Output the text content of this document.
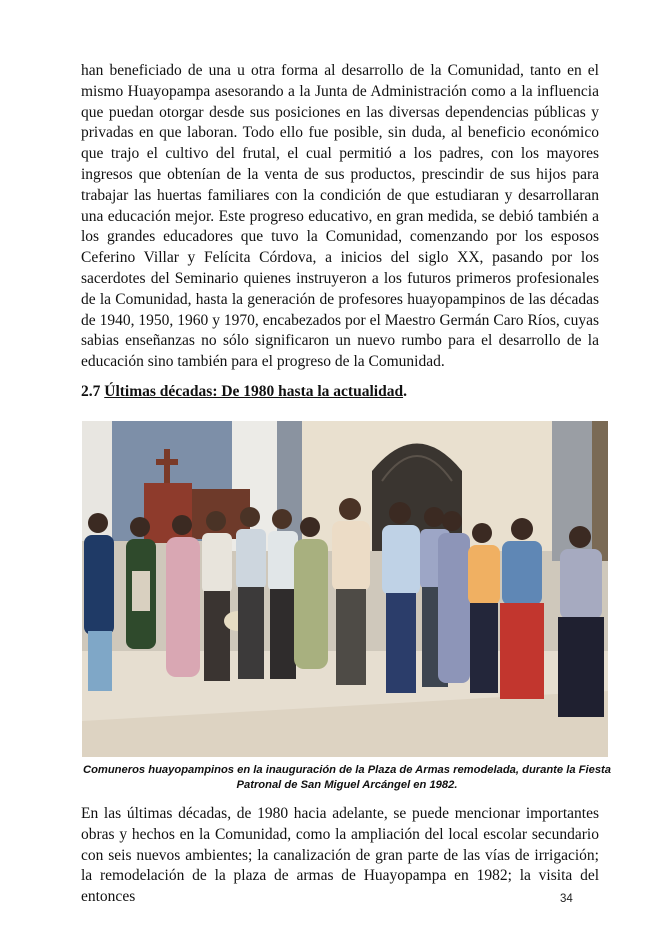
han beneficiado de una u otra forma al desarrollo de la Comunidad, tanto en el mismo Huayopampa asesorando a la Junta de Administración como a la influencia que puedan otorgar desde sus posiciones en las diversas dependencias públicas y privadas en que laboran. Todo ello fue posible, sin duda, al beneficio económico que trajo el cultivo del frutal, el cual permitió a los padres, con los mayores ingresos que obtenían de la venta de sus productos, prescindir de sus hijos para trabajar las huertas familiares con la condición de que estudiaran y desarrollaran una educación mejor. Este progreso educativo, en gran medida, se debió también a los grandes educadores que tuvo la Comunidad, comenzando por los esposos Ceferino Villar y Felícita Córdova, a inicios del siglo XX, pasando por los sacerdotes del Seminario quienes instruyeron a los futuros primeros profesionales de la Comunidad, hasta la generación de profesores huayopampinos de las décadas de 1940, 1950, 1960 y 1970, encabezados por el Maestro Germán Caro Ríos, cuyas sabias enseñanzas no sólo significaron un nuevo rumbo para el desarrollo de la educación sino también para el progreso de la Comunidad.

2.7 Últimas décadas: De 1980 hasta la actualidad.

Comuneros huayopampinos en la inauguración de la Plaza de Armas remodelada, durante la Fiesta Patronal de San Miguel Arcángel en 1982.

En las últimas décadas, de 1980 hacia adelante, se puede mencionar importantes obras y hechos en la Comunidad, como la ampliación del local escolar secundario con seis nuevos ambientes; la canalización de gran parte de las vías de irrigación; la remodelación de la plaza de armas de Huayopampa en 1982; la visita del entonces	34
